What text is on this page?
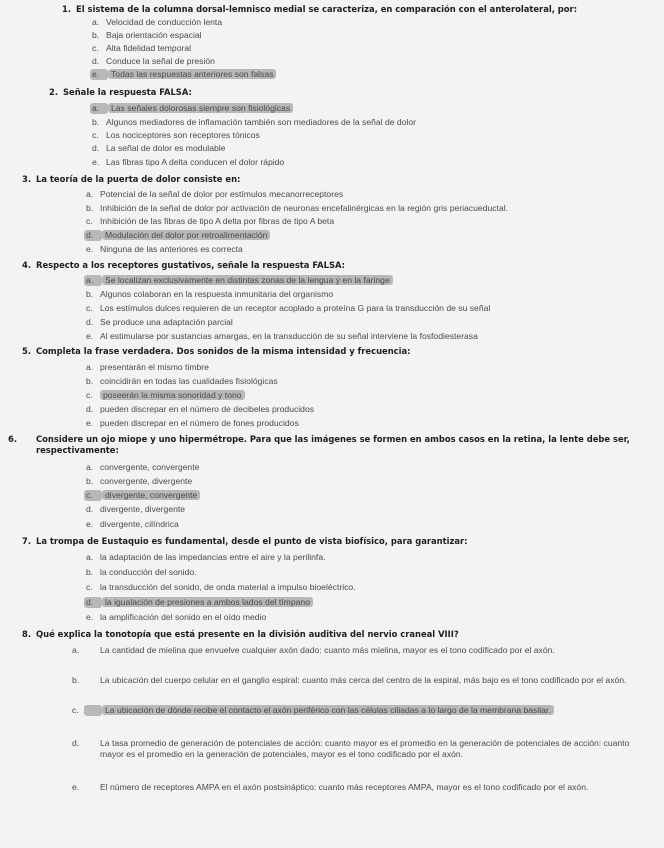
1. El sistema de la columna dorsal-lemnisco medial se caracteriza, en comparación con el anterolateral, por:
a. Velocidad de conducción lenta
b. Baja orientación espacial
c. Alta fidelidad temporal
d. Conduce la señal de presión
e. Todas las respuestas anteriores son falsas
2. Señale la respuesta FALSA:
a. Las señales dolorosas siempre son fisiológicas
b. Algunos mediadores de inflamación también son mediadores de la señal de dolor
c. Los nociceptores son receptores tónicos
d. La señal de dolor es modulable
e. Las fibras tipo A delta conducen el dolor rápido
3. La teoría de la puerta de dolor consiste en:
a. Potencial de la señal de dolor por estímulos mecanorreceptores
b. Inhibición de la señal de dolor por activación de neuronas encefalinérgicas en la región gris periacueductal.
c. Inhibición de las fibras de tipo A delta por fibras de tipo A beta
d. Modulación del dolor por retroalimentación
e. Ninguna de las anteriores es correcta
4. Respecto a los receptores gustativos, señale la respuesta FALSA:
a. Se localizan exclusivamente en distintas zonas de la lengua y en la faringe
b. Algunos colaboran en la respuesta inmunitaria del organismo
c. Los estímulos dulces requieren de un receptor acoplado a proteína G para la transducción de su señal
d. Se produce una adaptación parcial
e. Al estimularse por sustancias amargas, en la transducción de su señal interviene la fosfodiesterasa
5. Completa la frase verdadera. Dos sonidos de la misma intensidad y frecuencia:
a. presentarán el mismo timbre
b. coincidirán en todas las cualidades fisiológicas
c. poseerán la misma sonoridad y tono
d. pueden discrepar en el número de decibeles producidos
e. pueden discrepar en el número de fones producidos
6. Considere un ojo miope y uno hipermétrope. Para que las imágenes se formen en ambos casos en la retina, la lente debe ser, respectivamente:
a. convergente, convergente
b. convergente, divergente
c. divergente, convergente
d. divergente, divergente
e. divergente, cilíndrica
7. La trompa de Eustaquio es fundamental, desde el punto de vista biofísico, para garantizar:
a. la adaptación de las impedancias entre el aire y la perilinfa.
b. la conducción del sonido.
c. la transducción del sonido, de onda material a impulso bioeléctrico.
d. la igualación de presiones a ambos lados del tímpano
e. la amplificación del sonido en el oído medio
8. Qué explica la tonotopía que está presente en la división auditiva del nervio craneal VIII?
a. La cantidad de mielina que envuelve cualquier axón dado: cuanto más mielina, mayor es el tono codificado por el axón.
b. La ubicación del cuerpo celular en el ganglio espiral: cuanto más cerca del centro de la espiral, más bajo es el tono codificado por el axón.
c.	La ubicación de dónde recibe el contacto el axón periférico con las células ciliadas a lo largo de la membrana basilar.
d. La tasa promedio de generación de potenciales de acción: cuanto mayor es el promedio en la generación de potenciales de acción: cuanto mayor es el promedio en la generación de potenciales, mayor es el tono codificado por el axón.
e. El número de receptores AMPA en el axón postsináptico: cuanto más receptores AMPA, mayor es el tono codificado por el axón.
